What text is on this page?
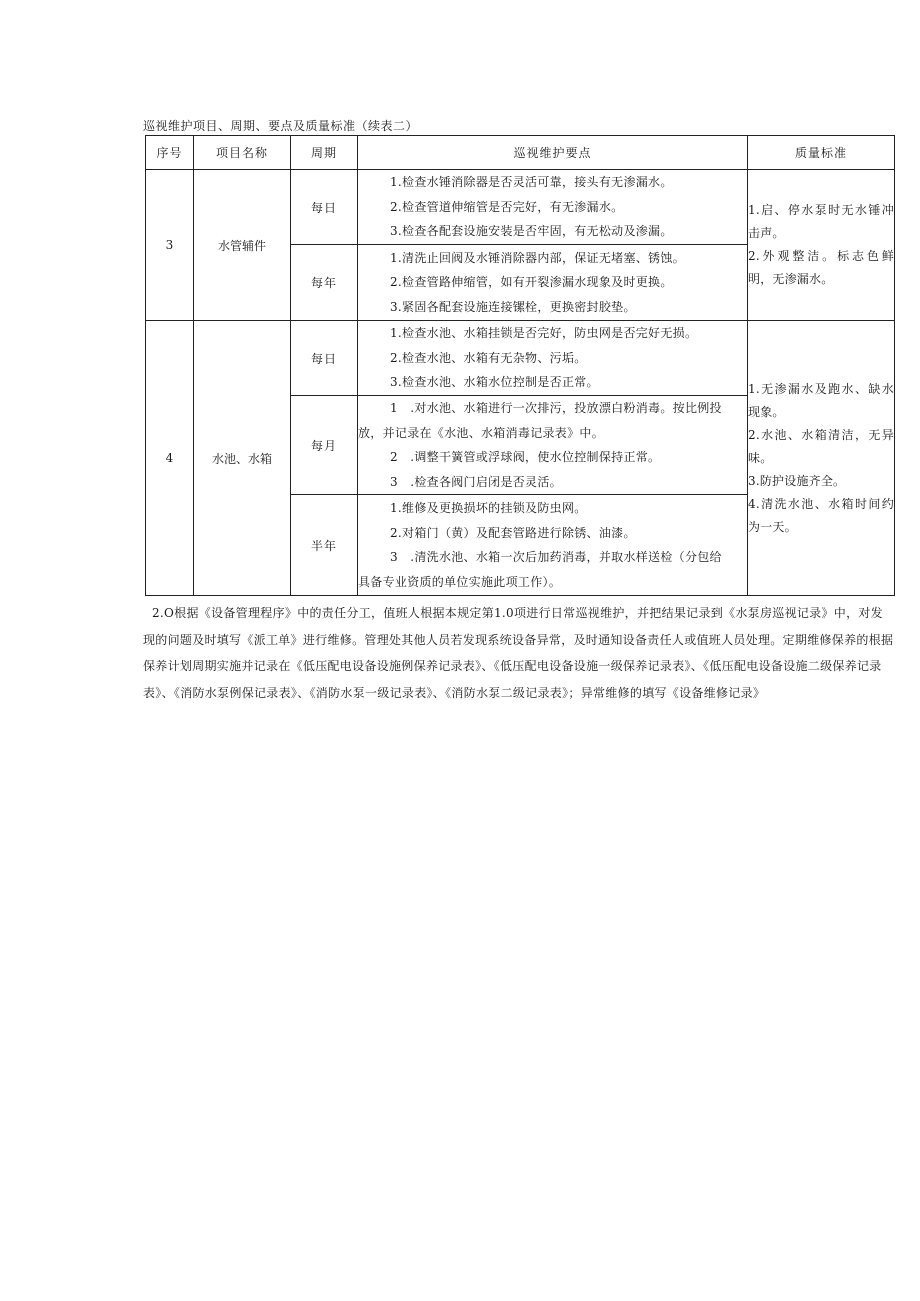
巡视维护项目、周期、要点及质量标准（续表二）
序号	项目名称	周期	巡视维护要点	质量标准
3	水管辅件	每日	1.检查水锤消除器是否灵活可靠，接头有无渗漏水。
2.检查管道伸缩管是否完好，有无渗漏水。
3.检查各配套设施安装是否牢固，有无松动及渗漏。	1.启、停水泵时无水锤冲击声。
2.外观整洁。标志色鲜明，无渗漏水。

		每年	1.清洗止回阀及水锤消除器内部，保证无堵塞、锈蚀。
2.检查管路伸缩管，如有开裂渗漏水现象及时更换。
3.紧固各配套设施连接镙栓，更换密封胶垫。	

4	水池、水箱	每日	1.检查水池、水箱挂锁是否完好，防虫网是否完好无损。
2.检查水池、水箱有无杂物、污垢。
3.检查水池、水箱水位控制是否正常。	1.无渗漏水及跑水、缺水现象。
2.水池、水箱清洁，无异味。
3.防护设施齐全。
4.清洗水池、水箱时间约为一天。

		每月	1　.对水池、水箱进行一次排污，投放漂白粉消毒。按比例投
放，并记录在《水池、水箱消毒记录表》中。
2　.调整干簧管或浮球阀，使水位控制保持正常。
3　.检查各阀门启闭是否灵活。	

		半年	1.维修及更换损坏的挂锁及防虫网。
2.对箱门（黄）及配套管路进行除锈、油漆。
3　.清洗水池、水箱一次后加药消毒，并取水样送检（分包给
具备专业资质的单位实施此项工作）。	
2.O根据《设备管理程序》中的责任分工，值班人根据本规定第1.0项进行日常巡视维护，并把结果记录到《水泵房巡视记录》中，对发现的问题及时填写《派工单》进行维修。管理处其他人员若发现系统设备异常，及时通知设备责任人或值班人员处理。定期维修保养的根据保养计划周期实施并记录在《低压配电设备设施例保养记录表》、《低压配电设备设施一级保养记录表》、《低压配电设备设施二级保养记录表》、《消防水泵例保记录表》、《消防水泵一级记录表》、《消防水泵二级记录表》；异常维修的填写《设备维修记录》
